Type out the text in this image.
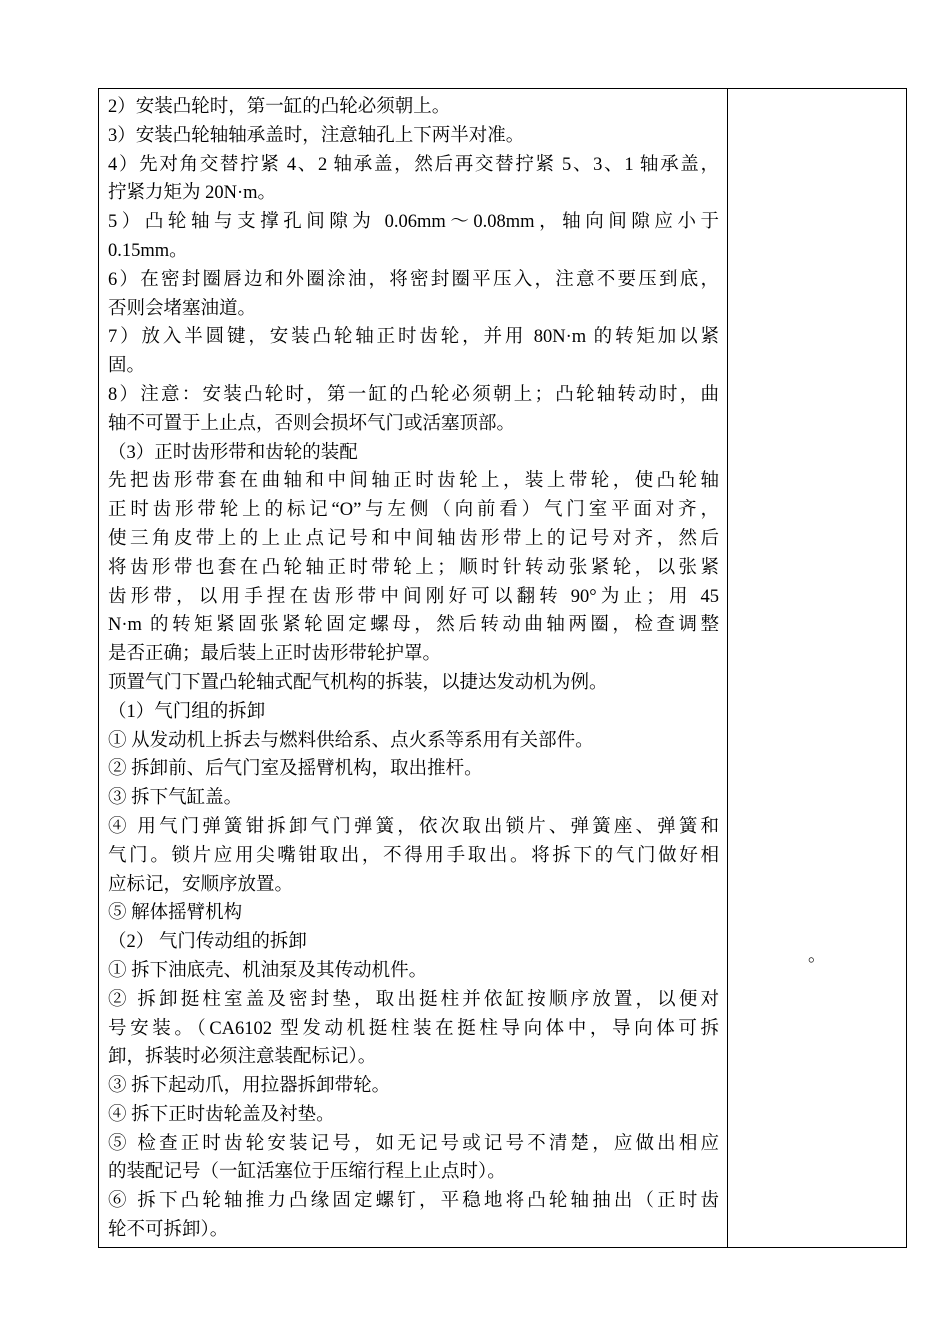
2）安装凸轮时，第一缸的凸轮必须朝上。
3）安装凸轮轴轴承盖时，注意轴孔上下两半对准。
4）先对角交替拧紧 4、2 轴承盖，然后再交替拧紧 5、3、1 轴承盖，
拧紧力矩为 20N·m。
5）凸轮轴与支撑孔间隙为 0.06mm～0.08mm，轴向间隙应小于
0.15mm。
6）在密封圈唇边和外圈涂油，将密封圈平压入，注意不要压到底，
否则会堵塞油道。
7）放入半圆键，安装凸轮轴正时齿轮，并用 80N·m 的转矩加以紧
固。
8）注意：安装凸轮时，第一缸的凸轮必须朝上；凸轮轴转动时，曲
轴不可置于上止点，否则会损坏气门或活塞顶部。
（3）正时齿形带和齿轮的装配
先把齿形带套在曲轴和中间轴正时齿轮上，装上带轮，使凸轮轴
正时齿形带轮上的标记“O”与左侧（向前看）气门室平面对齐，
使三角皮带上的上止点记号和中间轴齿形带上的记号对齐，然后
将齿形带也套在凸轮轴正时带轮上；顺时针转动张紧轮，以张紧
齿形带，以用手捏在齿形带中间刚好可以翻转 90°为止；用 45
N·m 的转矩紧固张紧轮固定螺母，然后转动曲轴两圈，检查调整
是否正确；最后装上正时齿形带轮护罩。
顶置气门下置凸轮轴式配气机构的拆装，以捷达发动机为例。
（1）气门组的拆卸
① 从发动机上拆去与燃料供给系、点火系等系用有关部件。
② 拆卸前、后气门室及摇臂机构，取出推杆。
③ 拆下气缸盖。
④ 用气门弹簧钳拆卸气门弹簧，依次取出锁片、弹簧座、弹簧和
气门。锁片应用尖嘴钳取出，不得用手取出。将拆下的气门做好相
应标记，安顺序放置。
⑤ 解体摇臂机构
（2） 气门传动组的拆卸
① 拆下油底壳、机油泵及其传动机件。
② 拆卸挺柱室盖及密封垫，取出挺柱并依缸按顺序放置，以便对
号安装。（CA6102 型发动机挺柱装在挺柱导向体中，导向体可拆
卸，拆装时必须注意装配标记）。
③ 拆下起动爪，用拉器拆卸带轮。
④ 拆下正时齿轮盖及衬垫。
⑤ 检查正时齿轮安装记号，如无记号或记号不清楚，应做出相应
的装配记号（一缸活塞位于压缩行程上止点时）。
⑥ 拆下凸轮轴推力凸缘固定螺钉，平稳地将凸轮轴抽出（正时齿
轮不可拆卸）。

。
